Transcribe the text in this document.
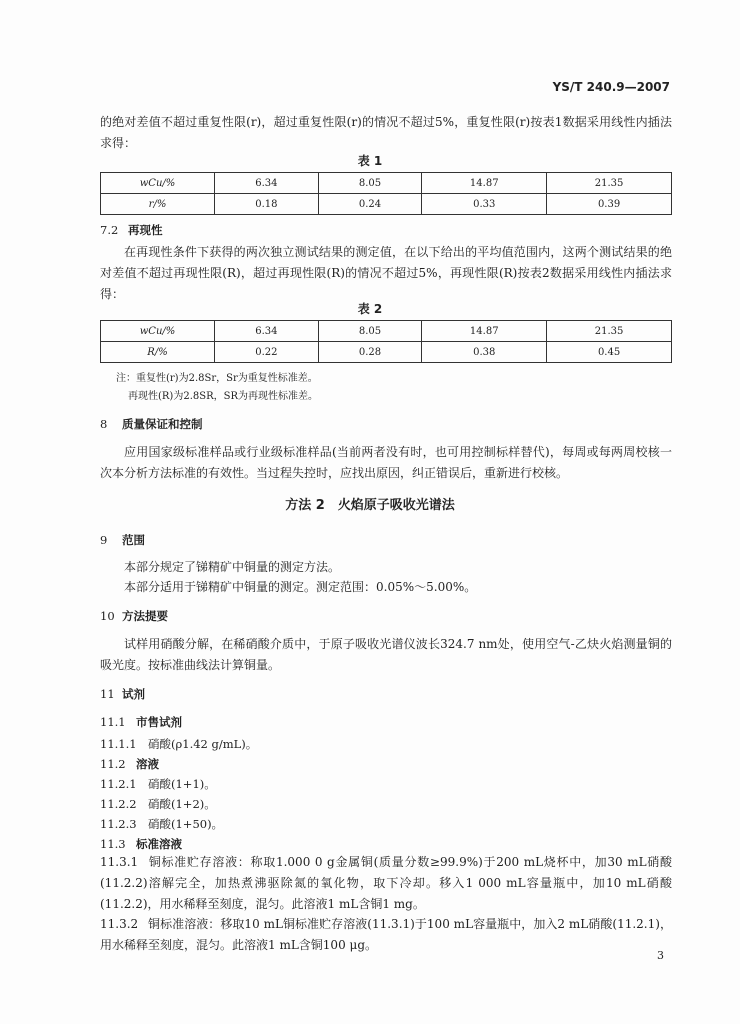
YS/T 240.9—2007
的绝对差值不超过重复性限(r)，超过重复性限(r)的情况不超过5%，重复性限(r)按表1数据采用线性内插法求得：
表 1
wCu/%	6.34	8.05	14.87	21.35
r/%	0.18	0.24	0.33	0.39
7.2 再现性
在再现性条件下获得的两次独立测试结果的测定值，在以下给出的平均值范围内，这两个测试结果的绝对差值不超过再现性限(R)，超过再现性限(R)的情况不超过5%，再现性限(R)按表2数据采用线性内插法求得：
表 2
wCu/%	6.34	8.05	14.87	21.35
R/%	0.22	0.28	0.38	0.45
注：重复性(r)为2.8Sr，Sr为重复性标准差。
再现性(R)为2.8SR，SR为再现性标准差。
8 质量保证和控制
应用国家级标准样品或行业级标准样品(当前两者没有时，也可用控制标样替代)，每周或每两周校核一次本分析方法标准的有效性。当过程失控时，应找出原因，纠正错误后，重新进行校核。
方法 2　火焰原子吸收光谱法
9 范围
本部分规定了锑精矿中铜量的测定方法。
本部分适用于锑精矿中铜量的测定。测定范围：0.05%～5.00%。
10 方法提要
试样用硝酸分解，在稀硝酸介质中，于原子吸收光谱仪波长324.7 nm处，使用空气-乙炔火焰测量铜的吸光度。按标准曲线法计算铜量。
11 试剂
11.1 市售试剂
11.1.1 硝酸(ρ1.42 g/mL)。
11.2 溶液
11.2.1 硝酸(1+1)。
11.2.2 硝酸(1+2)。
11.2.3 硝酸(1+50)。
11.3 标准溶液
11.3.1 铜标准贮存溶液：称取1.000 0 g金属铜(质量分数≥99.9%)于200 mL烧杯中，加30 mL硝酸(11.2.2)溶解完全，加热煮沸驱除氮的氧化物，取下冷却。移入1 000 mL容量瓶中，加10 mL硝酸(11.2.2)，用水稀释至刻度，混匀。此溶液1 mL含铜1 mg。
11.3.2 铜标准溶液：移取10 mL铜标准贮存溶液(11.3.1)于100 mL容量瓶中，加入2 mL硝酸(11.2.1)，用水稀释至刻度，混匀。此溶液1 mL含铜100 μg。
3
